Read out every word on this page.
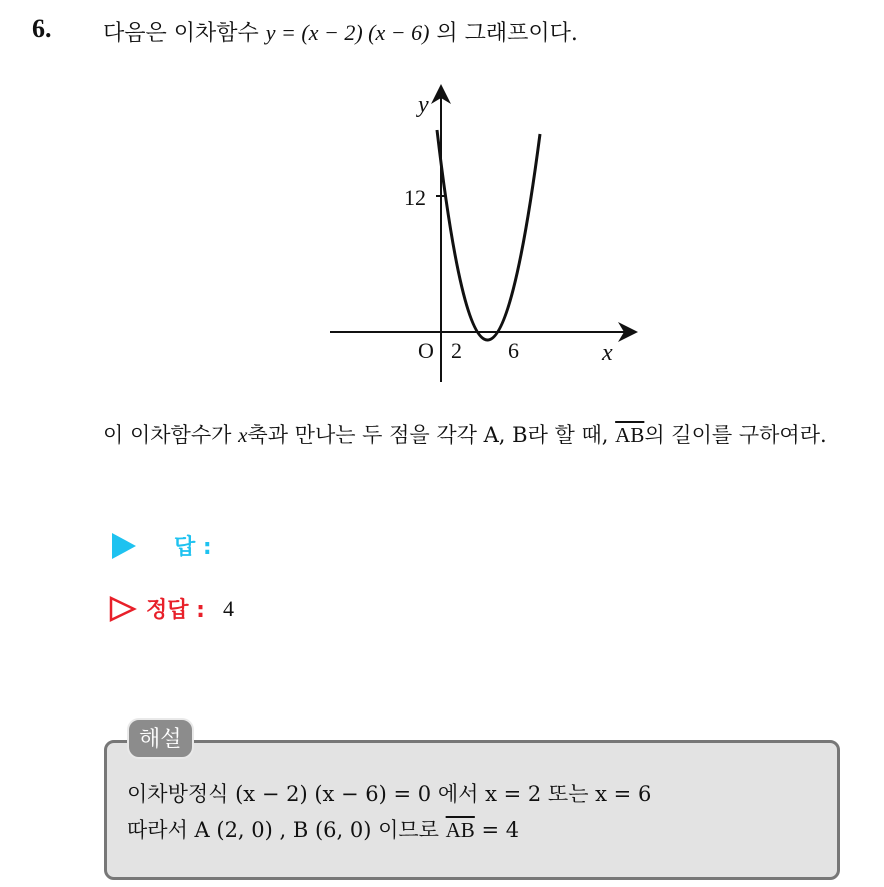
6. 다음은 이차함수 y = (x − 2) (x − 6) 의 그래프이다.
y
12
O 2 6	x
이 이차함수가 x축과 만나는 두 점을 각각 A, B라 할 때, $\overline{AB}$의 길이를 구하여라.
답 :
정답 : 4
해설
이차방정식 (x − 2) (x − 6) = 0 에서 x = 2 또는 x = 6
따라서 A (2, 0) , B (6, 0) 이므로 $\overline{AB} = 4$
